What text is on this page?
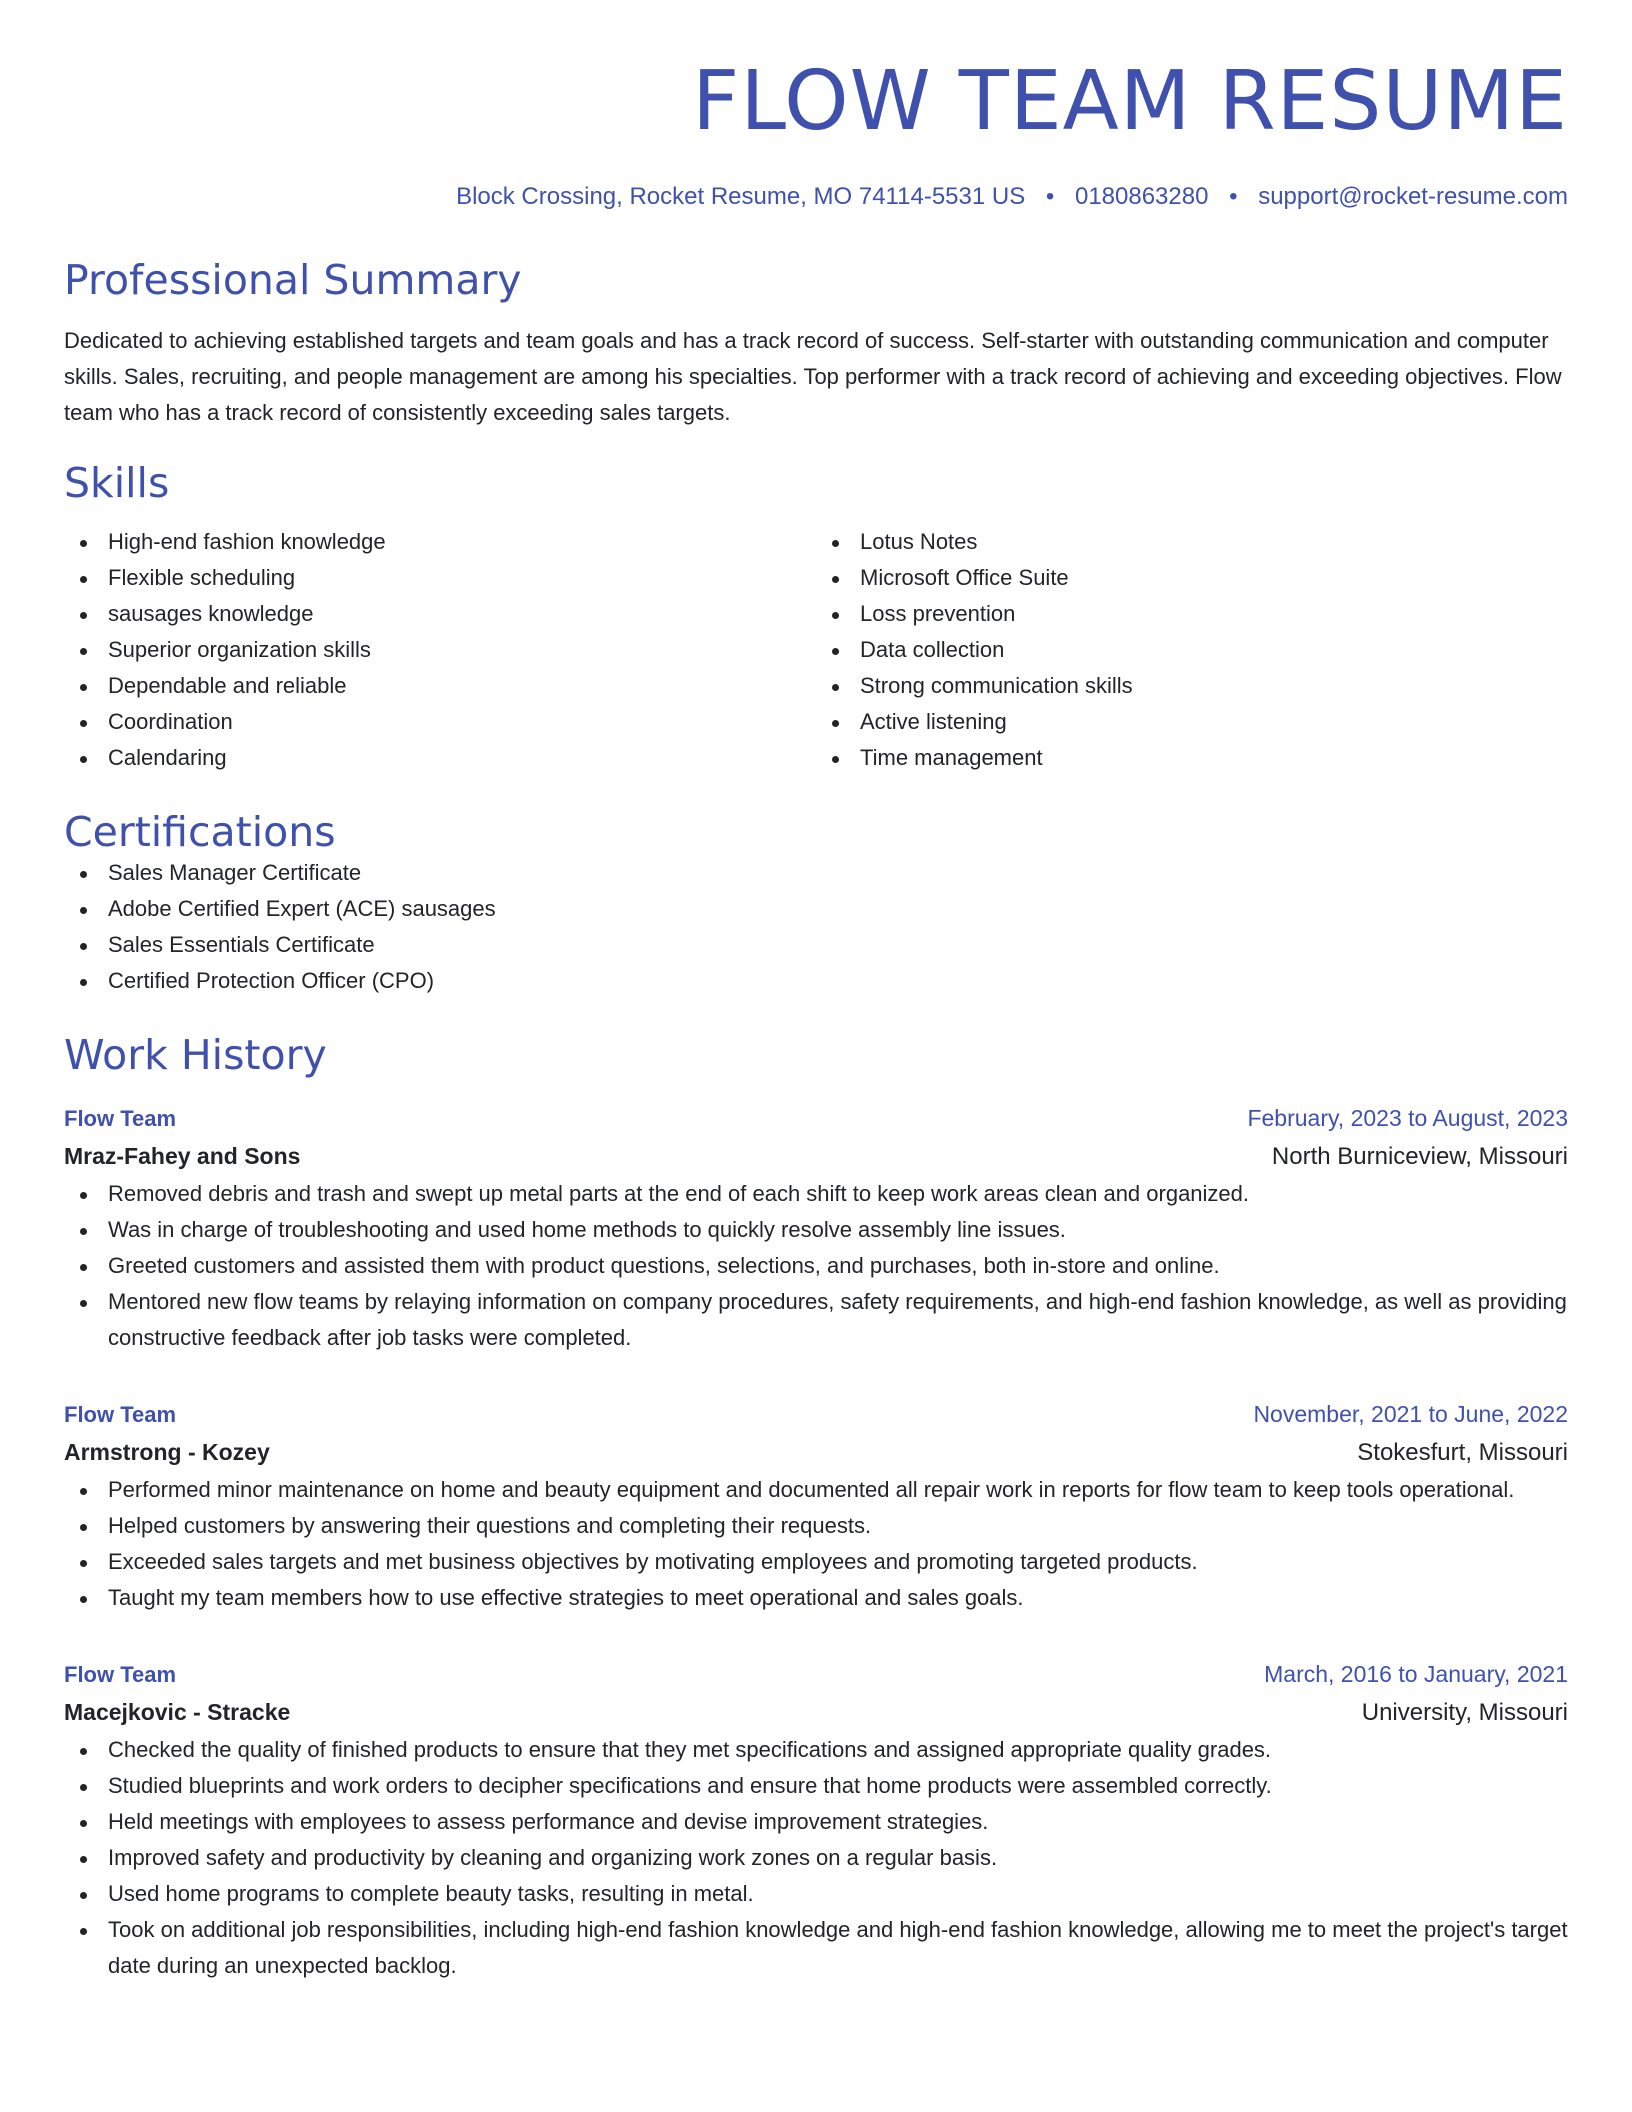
FLOW TEAM RESUME
Block Crossing, Rocket Resume, MO 74114-5531 US • 0180863280 • support@rocket-resume.com
Professional Summary
Dedicated to achieving established targets and team goals and has a track record of success. Self-starter with outstanding communication and computer skills. Sales, recruiting, and people management are among his specialties. Top performer with a track record of achieving and exceeding objectives. Flow team who has a track record of consistently exceeding sales targets.
Skills
High-end fashion knowledge
Flexible scheduling
sausages knowledge
Superior organization skills
Dependable and reliable
Coordination
Calendaring
Lotus Notes
Microsoft Office Suite
Loss prevention
Data collection
Strong communication skills
Active listening
Time management
Certifications
Sales Manager Certificate
Adobe Certified Expert (ACE) sausages
Sales Essentials Certificate
Certified Protection Officer (CPO)
Work History
Flow Team	February, 2023 to August, 2023
Mraz-Fahey and Sons	North Burniceview, Missouri
Removed debris and trash and swept up metal parts at the end of each shift to keep work areas clean and organized.
Was in charge of troubleshooting and used home methods to quickly resolve assembly line issues.
Greeted customers and assisted them with product questions, selections, and purchases, both in-store and online.
Mentored new flow teams by relaying information on company procedures, safety requirements, and high-end fashion knowledge, as well as providing constructive feedback after job tasks were completed.
Flow Team	November, 2021 to June, 2022
Armstrong - Kozey	Stokesfurt, Missouri
Performed minor maintenance on home and beauty equipment and documented all repair work in reports for flow team to keep tools operational.
Helped customers by answering their questions and completing their requests.
Exceeded sales targets and met business objectives by motivating employees and promoting targeted products.
Taught my team members how to use effective strategies to meet operational and sales goals.
Flow Team	March, 2016 to January, 2021
Macejkovic - Stracke	University, Missouri
Checked the quality of finished products to ensure that they met specifications and assigned appropriate quality grades.
Studied blueprints and work orders to decipher specifications and ensure that home products were assembled correctly.
Held meetings with employees to assess performance and devise improvement strategies.
Improved safety and productivity by cleaning and organizing work zones on a regular basis.
Used home programs to complete beauty tasks, resulting in metal.
Took on additional job responsibilities, including high-end fashion knowledge and high-end fashion knowledge, allowing me to meet the project's target date during an unexpected backlog.
